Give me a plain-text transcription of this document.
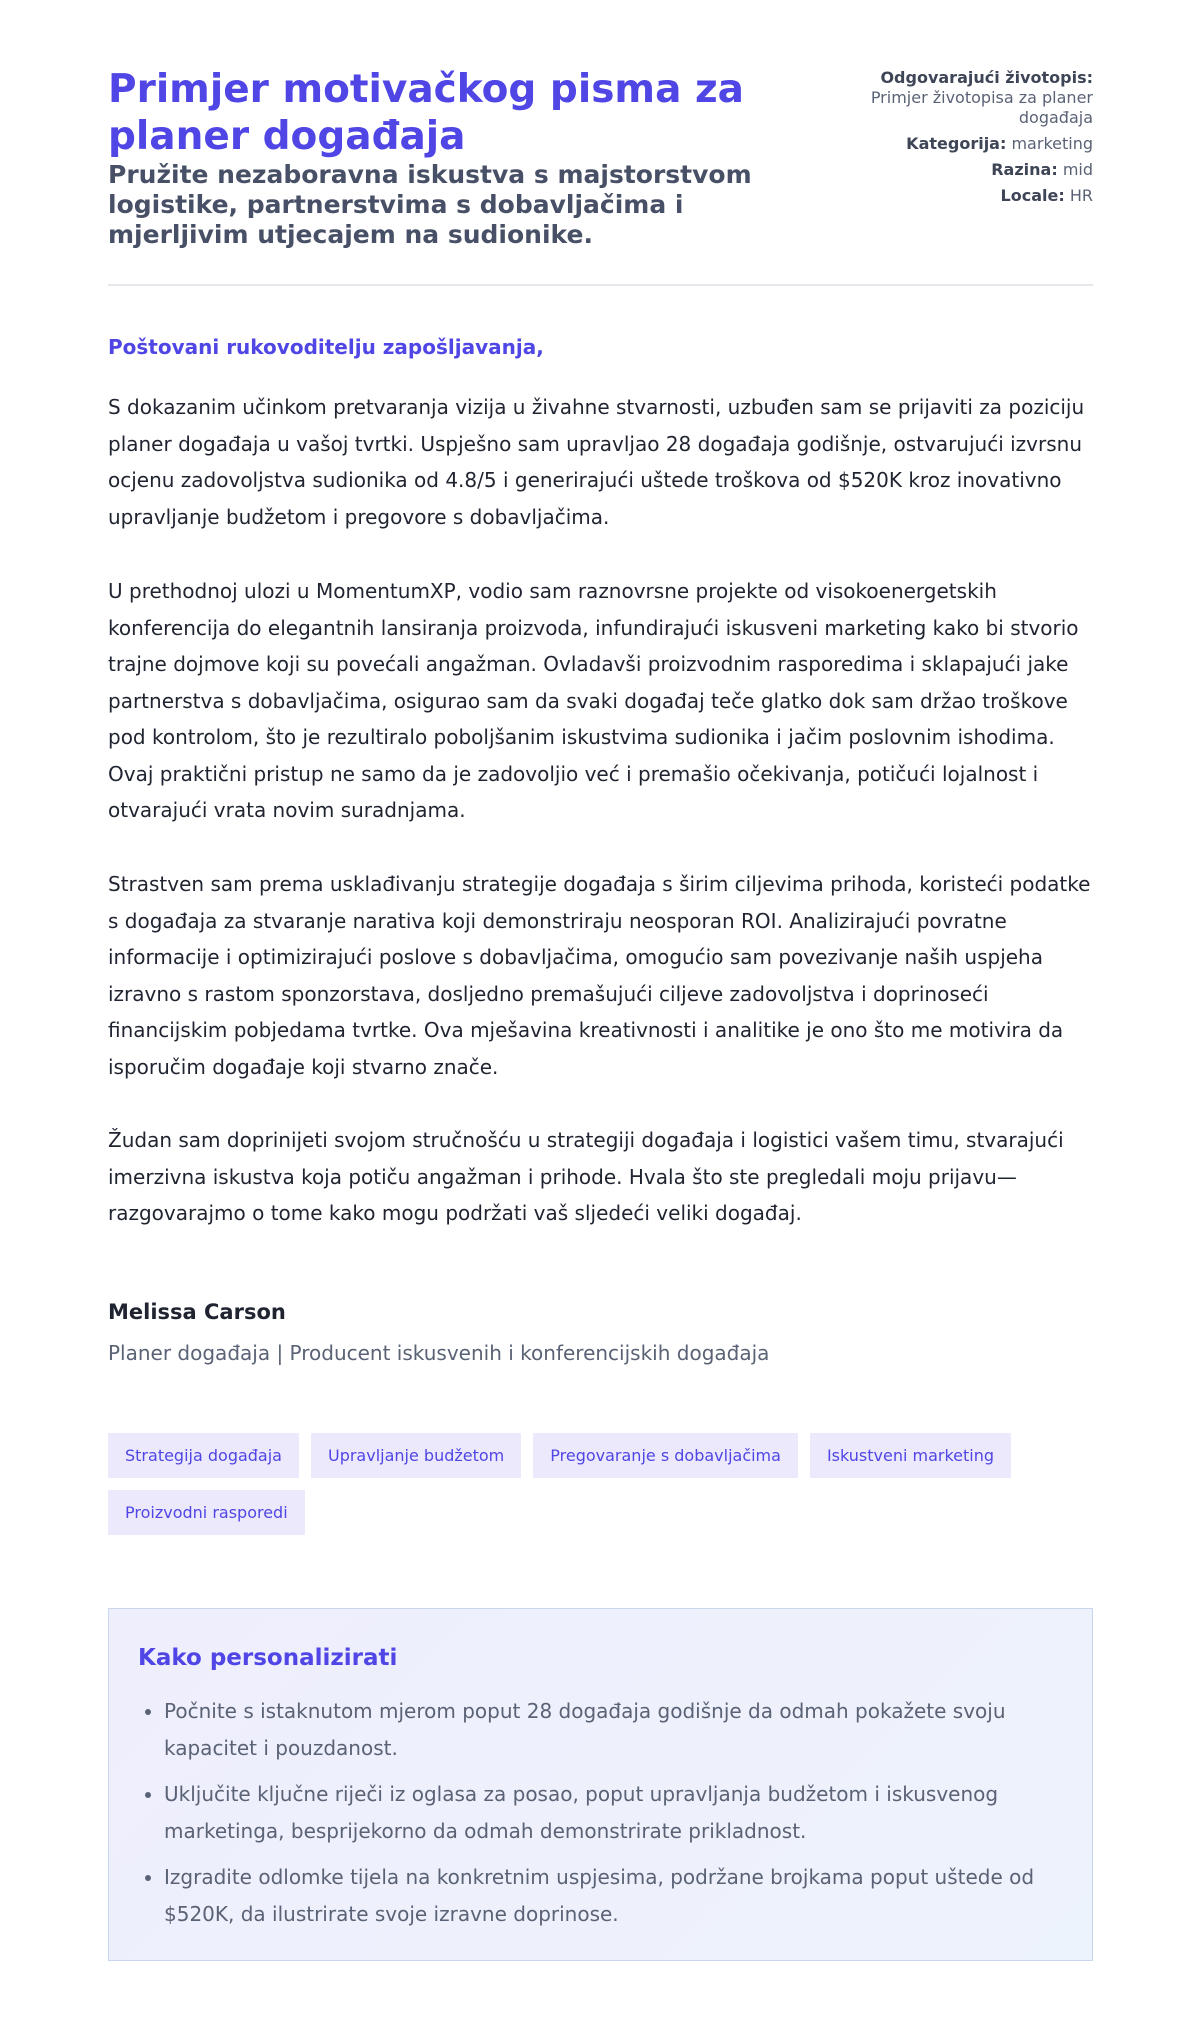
Primjer motivačkog pisma za planer događaja
Pružite nezaboravna iskustva s majstorstvom logistike, partnerstvima s dobavljačima i mjerljivim utjecajem na sudionike.
Odgovarajući životopis:
Primjer životopisa za planer događaja
Kategorija: marketing
Razina: mid
Locale: HR

Poštovani rukovoditelju zapošljavanja,

S dokazanim učinkom pretvaranja vizija u živahne stvarnosti, uzbuđen sam se prijaviti za poziciju planer događaja u vašoj tvrtki. Uspješno sam upravljao 28 događaja godišnje, ostvarujući izvrsnu ocjenu zadovoljstva sudionika od 4.8/5 i generirajući uštede troškova od $520K kroz inovativno upravljanje budžetom i pregovore s dobavljačima.

U prethodnoj ulozi u MomentumXP, vodio sam raznovrsne projekte od visokoenergetskih konferencija do elegantnih lansiranja proizvoda, infundirajući iskusveni marketing kako bi stvorio trajne dojmove koji su povećali angažman. Ovladavši proizvodnim rasporedima i sklapajući jake partnerstva s dobavljačima, osigurao sam da svaki događaj teče glatko dok sam držao troškove pod kontrolom, što je rezultiralo poboljšanim iskustvima sudionika i jačim poslovnim ishodima. Ovaj praktični pristup ne samo da je zadovoljio već i premašio očekivanja, potičući lojalnost i otvarajući vrata novim suradnjama.

Strastven sam prema usklađivanju strategije događaja s širim ciljevima prihoda, koristeći podatke s događaja za stvaranje narativa koji demonstriraju neosporan ROI. Analizirajući povratne informacije i optimizirajući poslove s dobavljačima, omogućio sam povezivanje naših uspjeha izravno s rastom sponzorstava, dosljedno premašujući ciljeve zadovoljstva i doprinoseći financijskim pobjedama tvrtke. Ova mješavina kreativnosti i analitike je ono što me motivira da isporučim događaje koji stvarno znače.

Žudan sam doprinijeti svojom stručnošću u strategiji događaja i logistici vašem timu, stvarajući imerzivna iskustva koja potiču angažman i prihode. Hvala što ste pregledali moju prijavu—razgovarajmo o tome kako mogu podržati vaš sljedeći veliki događaj.

Melissa Carson

Planer događaja | Producent iskusvenih i konferencijskih događaja

Strategija događaja	Upravljanje budžetom	Pregovaranje s dobavljačima	Iskustveni marketing
Proizvodni rasporedi
Kako personalizirati
• Počnite s istaknutom mjerom poput 28 događaja godišnje da odmah pokažete svoju kapacitet i pouzdanost.
• Uključite ključne riječi iz oglasa za posao, poput upravljanja budžetom i iskusvenog marketinga, besprijekorno da odmah demonstrirate prikladnost.
• Izgradite odlomke tijela na konkretnim uspjesima, podržane brojkama poput uštede od $520K, da ilustrirate svoje izravne doprinose.
